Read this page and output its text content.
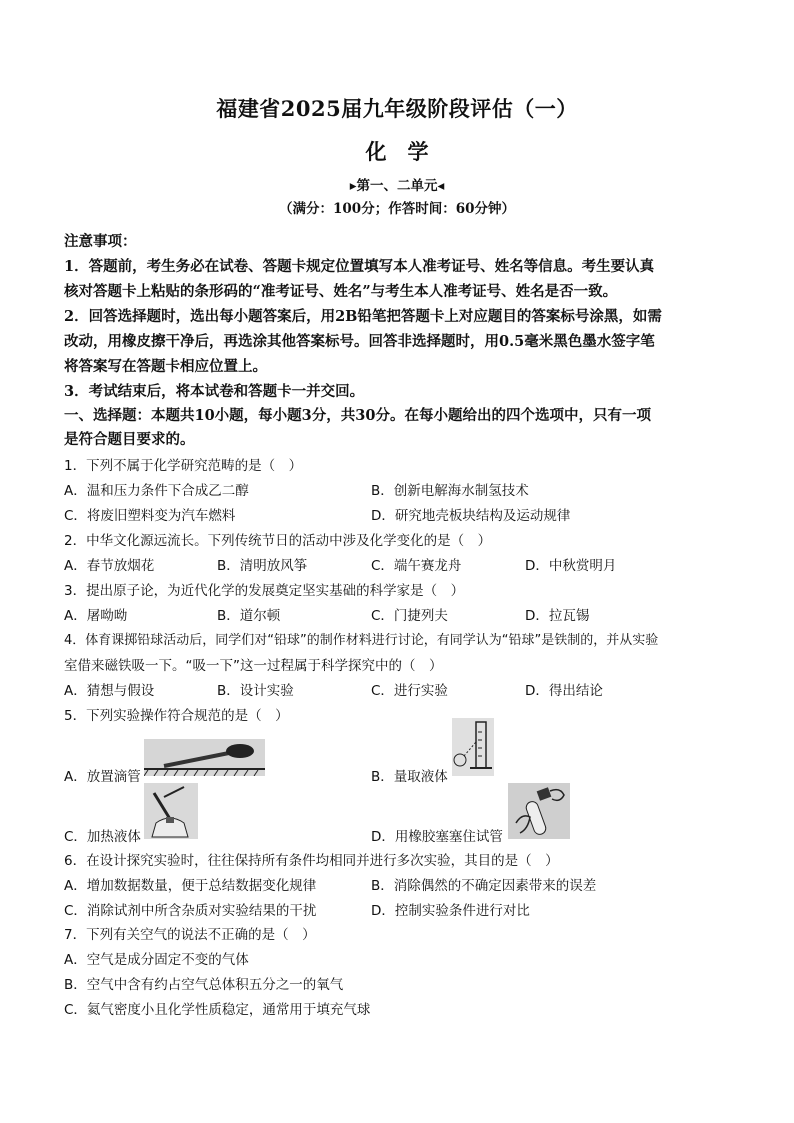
福建省2025届九年级阶段评估（一）
化　学
▸第一、二单元◂
（满分：100分；作答时间：60分钟）
注意事项：
1．答题前，考生务必在试卷、答题卡规定位置填写本人准考证号、姓名等信息。考生要认真
核对答题卡上粘贴的条形码的“准考证号、姓名”与考生本人准考证号、姓名是否一致。
2．回答选择题时，选出每小题答案后，用2B铅笔把答题卡上对应题目的答案标号涂黑，如需
改动，用橡皮擦干净后，再选涂其他答案标号。回答非选择题时，用0.5毫米黑色墨水签字笔
将答案写在答题卡相应位置上。
3．考试结束后，将本试卷和答题卡一并交回。
一、选择题：本题共10小题，每小题3分，共30分。在每小题给出的四个选项中，只有一项
是符合题目要求的。
1．下列不属于化学研究范畴的是（　）
A．温和压力条件下合成乙二醇	B．创新电解海水制氢技术
C．将废旧塑料变为汽车燃料	D．研究地壳板块结构及运动规律
2．中华文化源远流长。下列传统节日的活动中涉及化学变化的是（　）
A．春节放烟花	B．清明放风筝	C．端午赛龙舟	D．中秋赏明月
3．提出原子论，为近代化学的发展奠定坚实基础的科学家是（　）
A．屠呦呦	B．道尔顿	C．门捷列夫	D．拉瓦锡
4．体育课掷铅球活动后，同学们对“铅球”的制作材料进行讨论，有同学认为“铅球”是铁制的，并从实验
室借来磁铁吸一下。“吸一下”这一过程属于科学探究中的（　）
A．猜想与假设	B．设计实验	C．进行实验	D．得出结论
5．下列实验操作符合规范的是（　）
A．放置滴管	B．量取液体
C．加热液体	D．用橡胶塞塞住试管
6．在设计探究实验时，往往保持所有条件均相同并进行多次实验，其目的是（　）
A．增加数据数量，便于总结数据变化规律	B．消除偶然的不确定因素带来的误差
C．消除试剂中所含杂质对实验结果的干扰	D．控制实验条件进行对比
7．下列有关空气的说法不正确的是（　）
A．空气是成分固定不变的气体
B．空气中含有约占空气总体积五分之一的氧气
C．氦气密度小且化学性质稳定，通常用于填充气球
